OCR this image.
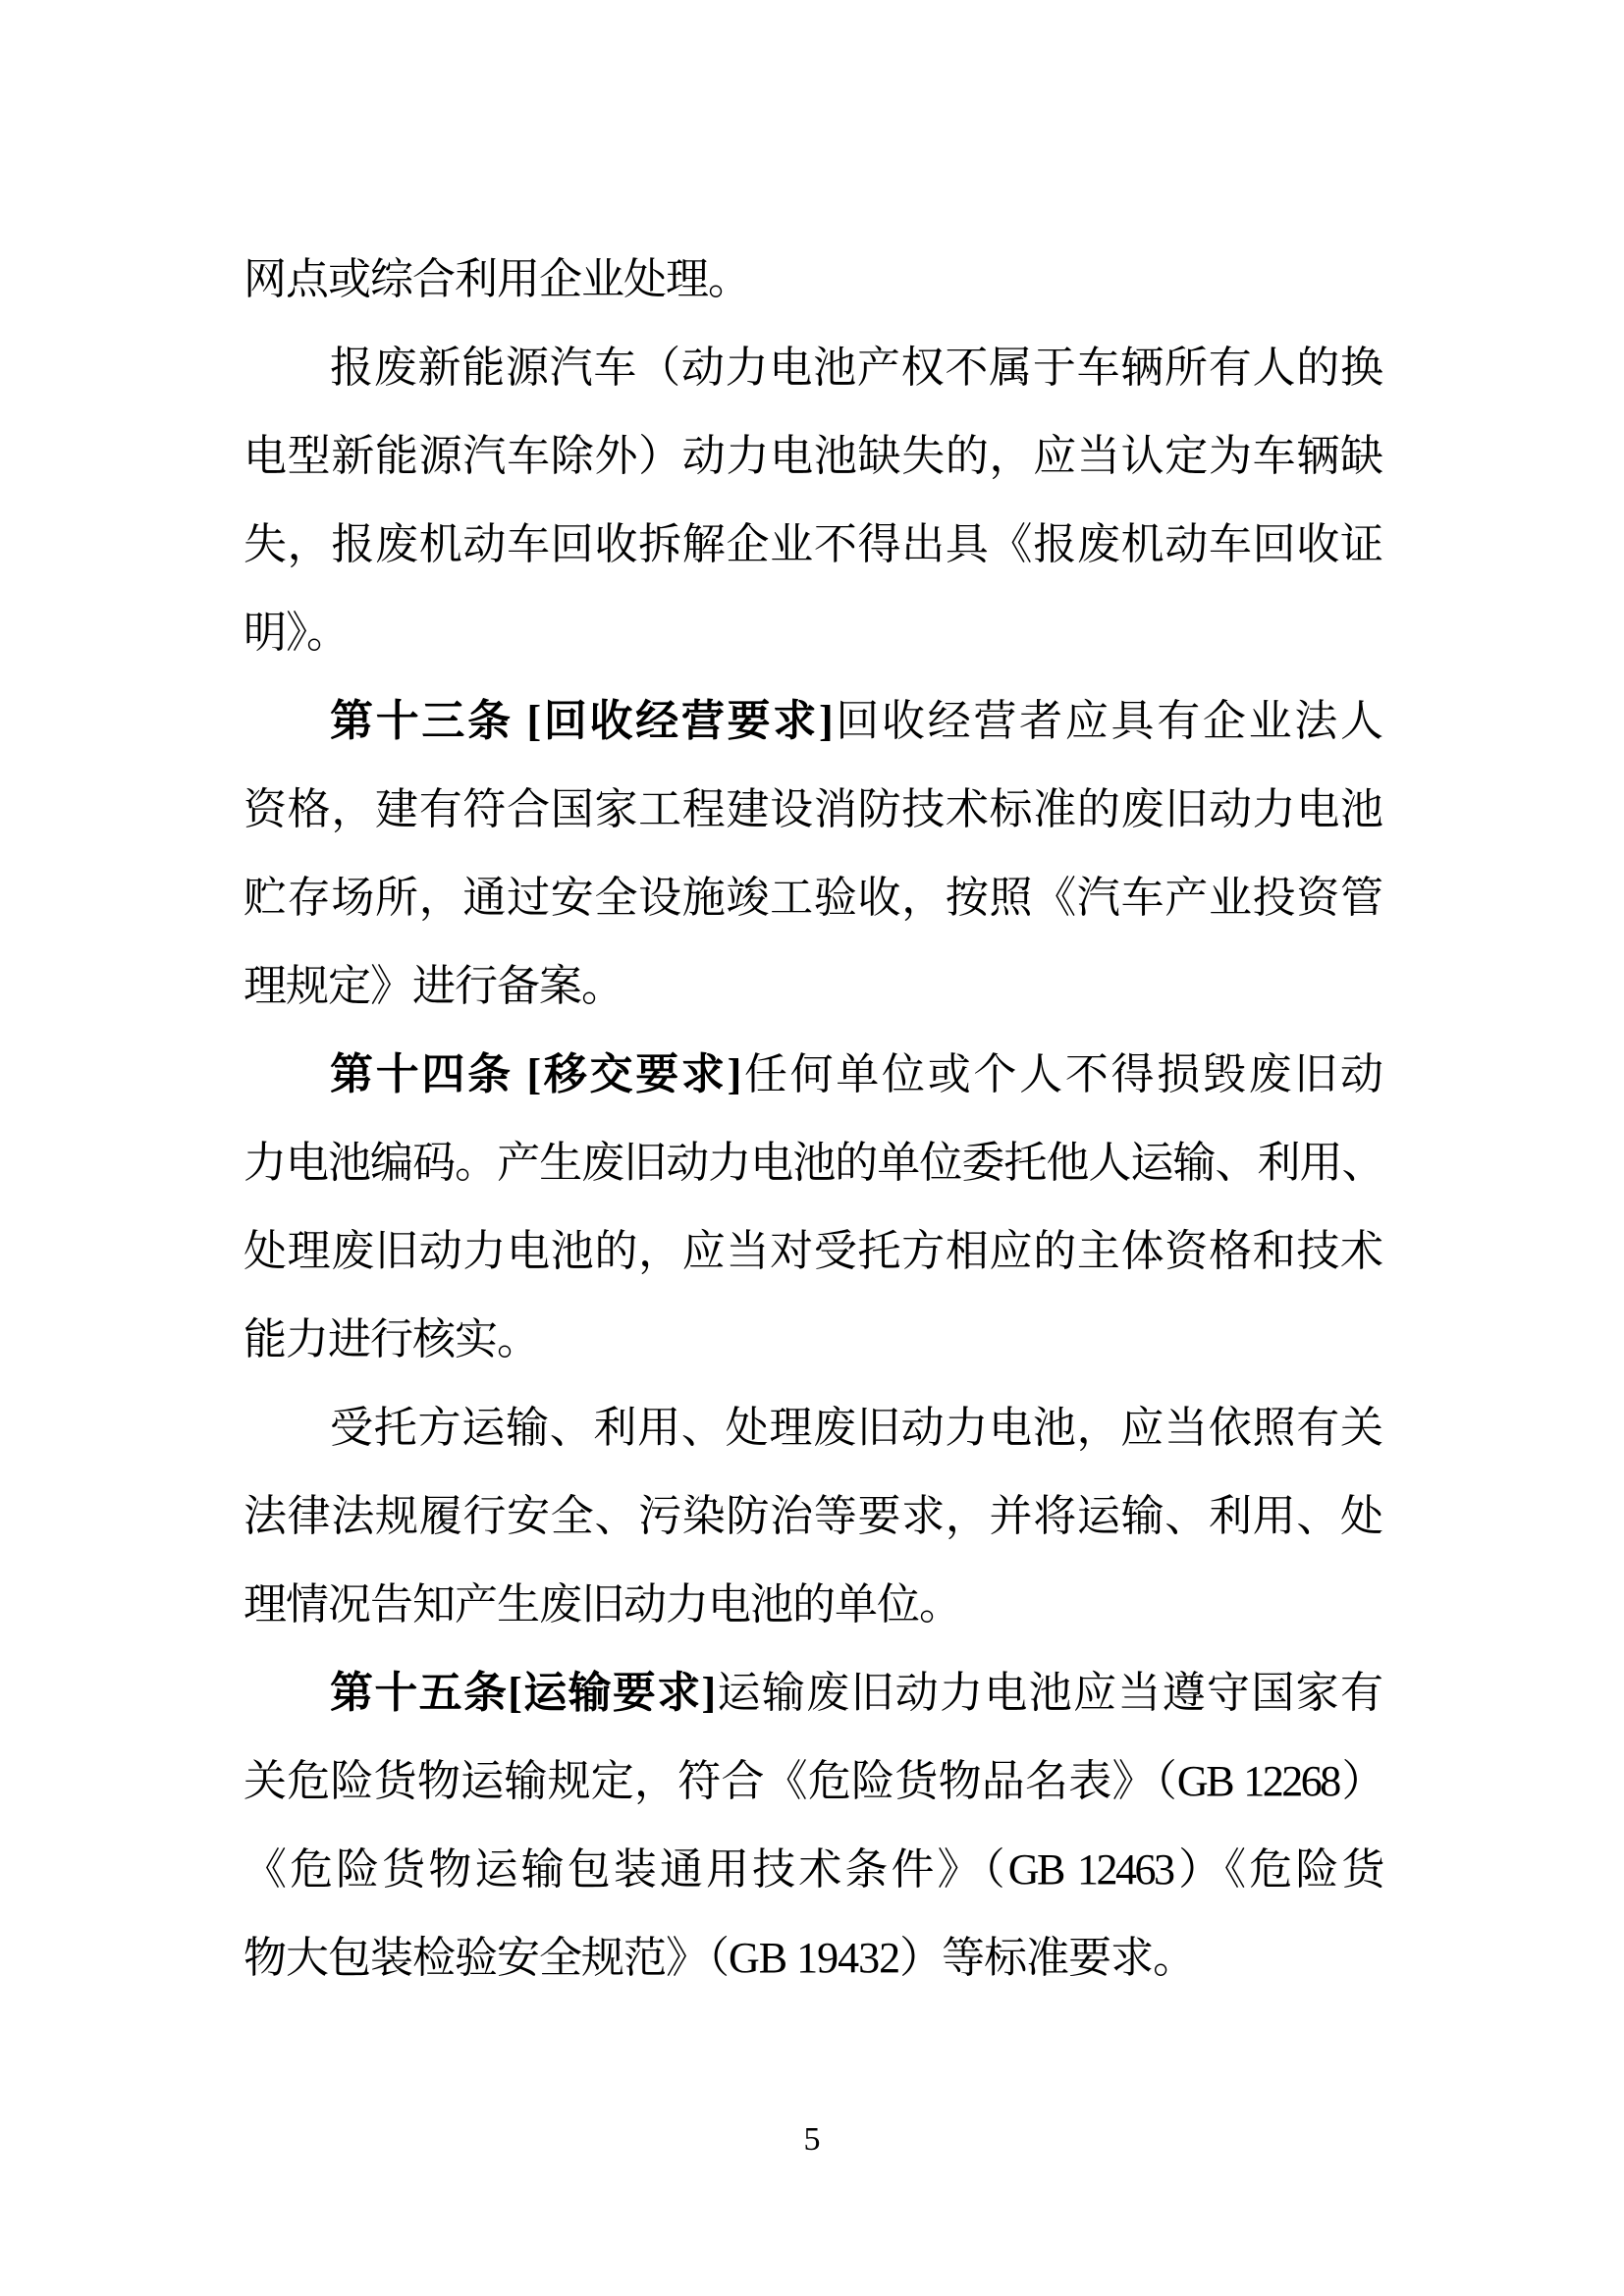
网点或综合利用企业处理。
报废新能源汽车（动力电池产权不属于车辆所有人的换
电型新能源汽车除外）动力电池缺失的，应当认定为车辆缺
失，报废机动车回收拆解企业不得出具《报废机动车回收证
明》。
第十三条 [回收经营要求]回收经营者应具有企业法人
资格，建有符合国家工程建设消防技术标准的废旧动力电池
贮存场所，通过安全设施竣工验收，按照《汽车产业投资管
理规定》进行备案。
第十四条 [移交要求]任何单位或个人不得损毁废旧动
力电池编码。产生废旧动力电池的单位委托他人运输、利用、
处理废旧动力电池的，应当对受托方相应的主体资格和技术
能力进行核实。
受托方运输、利用、处理废旧动力电池，应当依照有关
法律法规履行安全、污染防治等要求，并将运输、利用、处
理情况告知产生废旧动力电池的单位。
第十五条[运输要求]运输废旧动力电池应当遵守国家有
关危险货物运输规定，符合《危险货物品名表》（GB 12268）
《危险货物运输包装通用技术条件》（GB 12463）《危险货
物大包装检验安全规范》（GB 19432）等标准要求。
5
